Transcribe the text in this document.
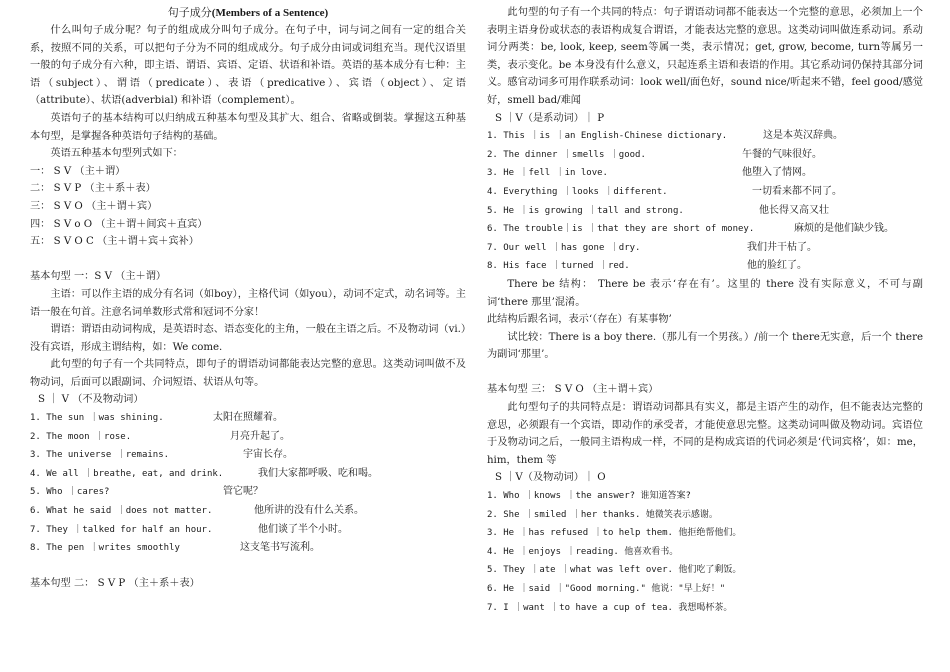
句子成分(Members of a Sentence)
什么叫句子成分呢？句子的组成成分叫句子成分。在句子中，词与词之间有一定的组合关系，按照不同的关系，可以把句子分为不同的组成成分。句子成分由词或词组充当。现代汉语里一般的句子成分有六种，即主语、谓语、宾语、定语、状语和补语。英语的基本成分有七种：主语（subject）、谓语（predicate）、表语（predicative）、宾语（object）、定语（attribute）、状语(adverbial) 和补语（complement）。
英语句子的基本结构可以归纳成五种基本句型及其扩大、组合、省略或倒装。掌握这五种基本句型，是掌握各种英语句子结构的基础。
英语五种基本句型列式如下：
一： S V （主＋谓）
二： S V P （主＋系＋表）
三： S V O （主＋谓＋宾）
四： S V o O （主＋谓＋间宾＋直宾）
五： S V O C （主＋谓＋宾＋宾补）
基本句型 一：S V （主＋谓）
主语：可以作主语的成分有名词（如boy），主格代词（如you），动词不定式，动名词等。主语一般在句首。注意名词单数形式常和冠词不分家！
谓语：谓语由动词构成，是英语时态、语态变化的主角，一般在主语之后。不及物动词（vi.）没有宾语，形成主谓结构，如：We come.
此句型的句子有一个共同特点，即句子的谓语动词都能表达完整的意思。这类动词叫做不及物动词，后面可以跟副词、介词短语、状语从句等。
S ｜ V （不及物动词）
1. The sun ｜was shining.	太阳在照耀着。
2. The moon ｜rose.	月亮升起了。
3. The universe ｜remains.	宇宙长存。
4. We all ｜breathe, eat, and drink.	我们大家都呼吸、吃和喝。
5. Who ｜cares?	管它呢？
6. What he said ｜does not matter.	他所讲的没有什么关系。
7. They ｜talked for half an hour.	他们谈了半个小时。
8. The pen ｜writes smoothly	这支笔书写流利。
基本句型 二： S V P （主＋系＋表）
此句型的句子有一个共同的特点：句子谓语动词都不能表达一个完整的意思，必须加上一个表明主语身份或状态的表语构成复合谓语，才能表达完整的意思。这类动词叫做连系动词。系动词分两类：be, look, keep, seem等属一类，表示情况；get, grow, become, turn等属另一类，表示变化。be 本身没有什么意义，只起连系主语和表语的作用。其它系动词仍保持其部分词义。感官动词多可用作联系动词：look well/面色好，sound nice/听起来不错，feel good/感觉好，smell bad/难闻
S ｜V（是系动词）｜ P
1. This ｜is ｜an English-Chinese dictionary.	这是本英汉辞典。
2. The dinner ｜smells ｜good.	午餐的气味很好。
3. He ｜fell ｜in love.	他堕入了情网。
4. Everything ｜looks ｜different.	一切看来都不同了。
5. He ｜is growing ｜tall and strong.	他长得又高又壮
6. The trouble｜is ｜that they are short of money.	麻烦的是他们缺少钱。
7. Our well ｜has gone ｜dry.	我们井干枯了。
8. His face ｜turned ｜red.	他的脸红了。
There be 结构： There be 表示‘存在有’。这里的 there 没有实际意义，不可与副词‘there 那里’混淆。
此结构后跟名词，表示‘（存在）有某事物’
试比较：There is a boy there.（那儿有一个男孩。）/前一个 there无实意，后一个 there 为副词‘那里’。
基本句型 三： S V O （主＋谓＋宾）
此句型句子的共同特点是：谓语动词都具有实义，都是主语产生的动作，但不能表达完整的意思，必须跟有一个宾语，即动作的承受者，才能使意思完整。这类动词叫做及物动词。宾语位于及物动词之后，一般同主语构成一样，不同的是构成宾语的代词必须是‘代词宾格’，如：me，him，them 等
S ｜V（及物动词）｜ O
1. Who ｜knows ｜the answer? 谁知道答案?
2. She ｜smiled ｜her thanks. 她微笑表示感谢。
3. He ｜has refused ｜to help them. 他拒绝帮他们。
4. He ｜enjoys ｜reading. 他喜欢看书。
5. They ｜ate ｜what was left over. 他们吃了剩饭。
6. He ｜said ｜"Good morning." 他说："早上好！"
7. I ｜want ｜to have a cup of tea. 我想喝杯茶。
